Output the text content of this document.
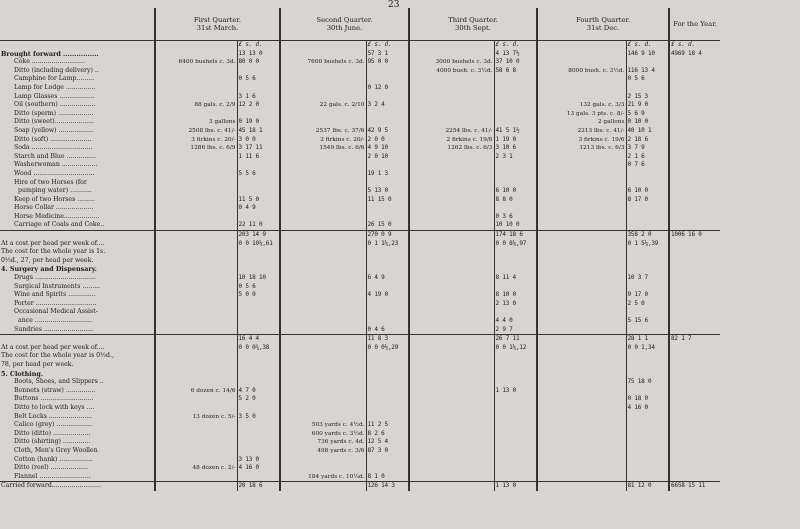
23
	First Quarter.
31st March.		Second Quarter.
30th June.		Third Quarter.
30th Sept.		Fourth Quarter.
31st Dec.		For the Year.
		£ s. d.		£ s. d.		£ s. d.		£ s. d.	£ s. d.
Brought forward ................		13 13 0		57 3 1		4 13 7½		146 9 10	4969 18 4
Coke ...........................	6400 bushels c. 3d.	80 0 0	7600 bushels c. 3d.	95 0 0	3000 bushels c. 3d.	37 10 0			
Ditto (including delivery) ..					4000 bush. c. 3½d.	58 6 8	8000 bush. c. 3½d.	116 13 4	
Camphine for Lamp.........		0 5 6						0 5 6	
Lamp for Lodge ...............				0 12 0					
Lamp Glasses ..................		3 1 6						2 15 3	
Oil (southern) ..................	88 gals. c. 2/9	12 2 0	22 gals. c. 2/10	3 2 4			132 gals. c. 3/3	21 9 0	
Ditto (sperm) ..................							13 gals. 3 pts. c. 8/-	5 6 9	
Ditto (sweet)....................	3 gallons	0 19 0					2 gallons	0 10 0	
Soap (yellow) ..................	2508 lbs. c. 41/-	45 18 1	2537 lbs. c. 37/6	42 9 5	2254 lbs. c. 41/-	41 5 1½	2213 lbs. c. 41/-	40 10 1	
Ditto (soft) .....................	3 firkins c. 20/-	3 0 0	2 firkins c. 20/-	2 0 0	2 firkins c. 19/6	1 19 0	3 firkins c. 19/6	2 18 6	
Soda ...............................	1286 lbs. c. 6/9	3 17 11	1549 lbs. c. 6/6	4 9 10	1262 lbs. c. 6/3	3 10 6	1213 lbs. c. 6/3	3 7 9	
Starch and Blue ...............		1 11 6		2 0 10		2 3 1		2 1 6	
Washerwoman ..................								0 7 6	
Wood ...............................		5 5 6		19 1 3					
Hire of two Horses (for									
pumping water) ...........				5 13 0		6 10 0		6 10 0	
Keep of two Horses .........		11 5 0		11 15 0		8 8 0		8 17 0	
Horse Collar ...................		0 4 9							
Horse Medicine..................						0 3 6			
Carriage of Coals and Coke..		22 11 0		26 15 0		10 10 0			
		203 14 9		270 0 9		174 18 6		358 2 0	1006 16 0
At a cost per head per week of....		0 0 10¼,61		0 1 1¼,23		0 0 8¼,97		0 1 5¼,39	
The cost for the whole year is 1s.									
0½d., 27, per head per week.									
4. Surgery and Dispensary.									
Drugs ...............................		10 18 10		6 4 9		8 11 4		10 3 7	
Surgical Instruments .........		0 5 6							
Wine and Spirits ..............		5 0 0		4 19 0		8 10 0		9 17 0	
Porter ...............................						2 13 0		2 5 0	
Occasional Medical Assist-									
ance .............................						4 4 0		5 15 6	
Sundries .........................				0 4 6		2 9 7			
		16 4 4		11 8 3		26 7 11		28 1 1	82 1 7
At a cost per head per week of....		0 0 0¾,38		0 0 0½,29		0 0 1¼,12		0 0 1,34	
The cost for the whole year is 0½d.,									
78, per head per week.									
5. Clothing.									
Boots, Shoes, and Slippers ..								75 18 0	
Bonnets (straw) ...............	6 dozen c. 14/6	4 7 0				1 13 0			
Buttons ...........................		5 2 0						0 18 0	
Ditto to lock with keys ....								4 16 0	
Belt Locks ......................	13 dozen c. 5/-	3 5 0							
Calico (grey) ..................			503 yards c. 4½d.	11 2 5					
Ditto (ditto) ...................			600 yards c. 3½d.	8 2 6					
Ditto (shirting) ..............			736 yards c. 4d.	12 5 4					
Cloth, Men's Grey Woollen			498 yards c. 3/6	87 3 0					
Cotton (hank) .................		3 13 0							
Ditto (reel) ...................	48 dozen c. 2/-	4 16 0							
Flannel ..........................			184 yards c. 10¼d.	8 1 0					
Carried forward.........................		20 18 6		126 14 3		1 13 0		81 12 0	6658 15 11
